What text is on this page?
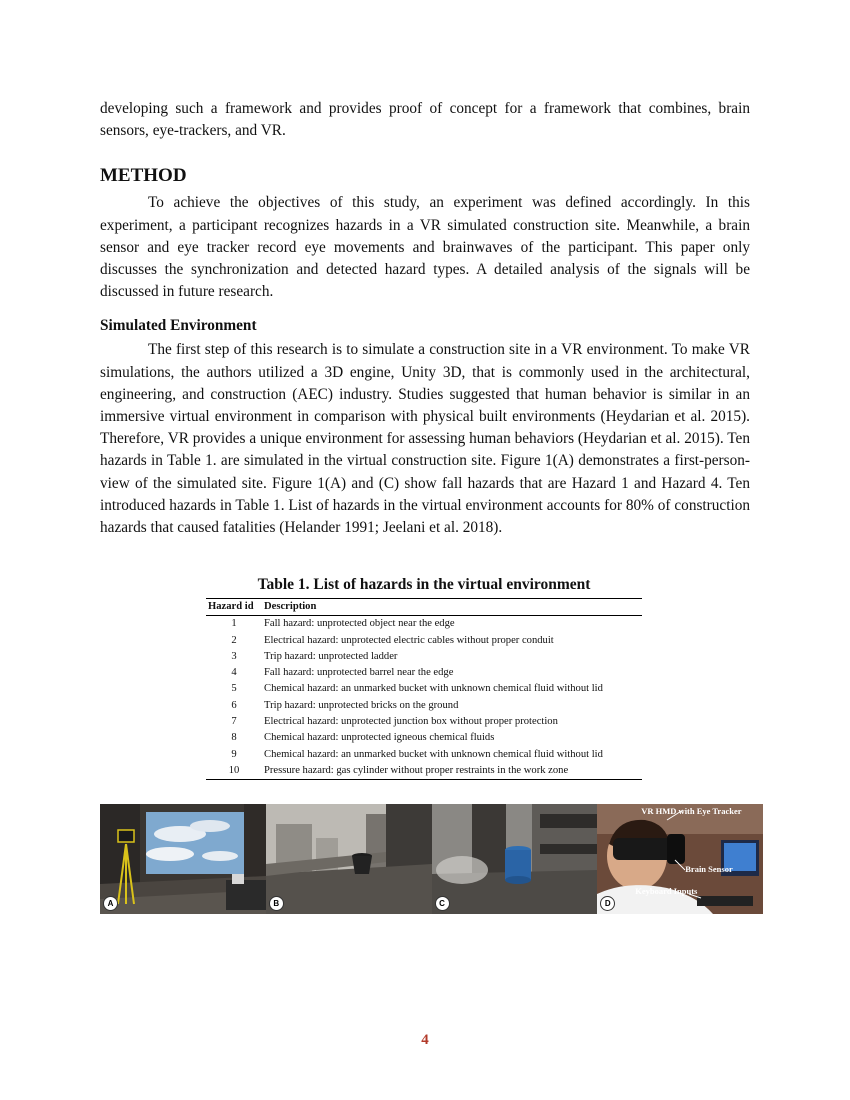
developing such a framework and provides proof of concept for a framework that combines, brain sensors, eye-trackers, and VR.

METHOD

To achieve the objectives of this study, an experiment was defined accordingly. In this experiment, a participant recognizes hazards in a VR simulated construction site. Meanwhile, a brain sensor and eye tracker record eye movements and brainwaves of the participant. This paper only discusses the synchronization and detected hazard types. A detailed analysis of the signals will be discussed in future research.

Simulated Environment

The first step of this research is to simulate a construction site in a VR environment. To make VR simulations, the authors utilized a 3D engine, Unity 3D, that is commonly used in the architectural, engineering, and construction (AEC) industry. Studies suggested that human behavior is similar in an immersive virtual environment in comparison with physical built environments (Heydarian et al. 2015). Therefore, VR provides a unique environment for assessing human behaviors (Heydarian et al. 2015). Ten hazards in Table 1. are simulated in the virtual construction site. Figure 1(A) demonstrates a first-person-view of the simulated site. Figure 1(A) and (C) show fall hazards that are Hazard 1 and Hazard 4. Ten introduced hazards in Table 1. List of hazards in the virtual environment accounts for 80% of construction hazards that caused fatalities (Helander 1991; Jeelani et al. 2018).

Table 1. List of hazards in the virtual environment
Hazard id	Description
1	Fall hazard: unprotected object near the edge
2	Electrical hazard: unprotected electric cables without proper conduit
3	Trip hazard: unprotected ladder
4	Fall hazard: unprotected barrel near the edge
5	Chemical hazard: an unmarked bucket with unknown chemical fluid without lid
6	Trip hazard: unprotected bricks on the ground
7	Electrical hazard: unprotected junction box without proper protection
8	Chemical hazard: unprotected igneous chemical fluids
9	Chemical hazard: an unmarked bucket with unknown chemical fluid without lid
10	Pressure hazard: gas cylinder without proper restraints in the work zone
A	B	C
VR HMD with Eye Tracker
Brain Sensor
Keyboard Inputs
D
4
